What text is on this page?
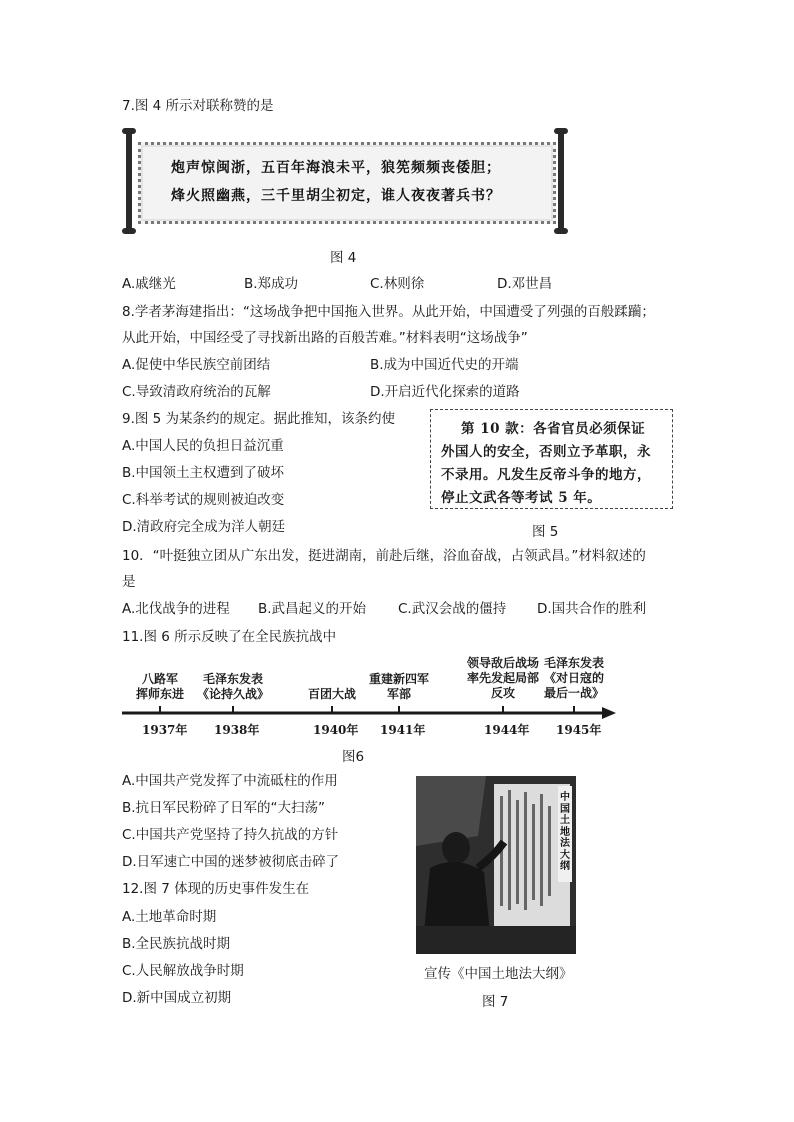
7.图 4 所示对联称赞的是
炮声惊闽浙，五百年海浪未平，狼筅频频丧倭胆；
烽火照幽燕，三千里胡尘初定，谁人夜夜著兵书？
图 4
A.戚继光	B.郑成功	C.林则徐	D.邓世昌
8.学者茅海建指出：“这场战争把中国拖入世界。从此开始，中国遭受了列强的百般蹂躏；
从此开始，中国经受了寻找新出路的百般苦难。”材料表明“这场战争”
A.促使中华民族空前团结	B.成为中国近代史的开端
C.导致清政府统治的瓦解	D.开启近代化探索的道路
9.图 5 为某条约的规定。据此推知，该条约使
A.中国人民的负担日益沉重
B.中国领土主权遭到了破坏
C.科举考试的规则被迫改变
D.清政府完全成为洋人朝廷
第 10 款：各省官员必须保证
外国人的安全，否则立予革职，永
不录用。凡发生反帝斗争的地方，
停止文武各等考试 5 年。
图 5
10．“叶挺独立团从广东出发，挺进湖南，前赴后继，浴血奋战，占领武昌。”材料叙述的
是
A.北伐战争的进程 B.武昌起义的开始 C.武汉会战的僵持 D.国共合作的胜利
11.图 6 所示反映了在全民族抗战中
八路军
挥师东进
毛泽东发表
《论持久战》	百团大战
重建新四军
军部
领导敌后战场
率先发起局部
反攻
毛泽东发表
《对日寇的
最后一战》
1937年 1938年	1940年 1941年	1944年 1945年
图6
A.中国共产党发挥了中流砥柱的作用
B.抗日军民粉碎了日军的“大扫荡”
C.中国共产党坚持了持久抗战的方针
D.日军速亡中国的迷梦被彻底击碎了
12.图 7 体现的历史事件发生在
A.土地革命时期
B.全民族抗战时期
C.人民解放战争时期
D.新中国成立初期
中国土地法大纲
宣传《中国土地法大纲》
图 7
